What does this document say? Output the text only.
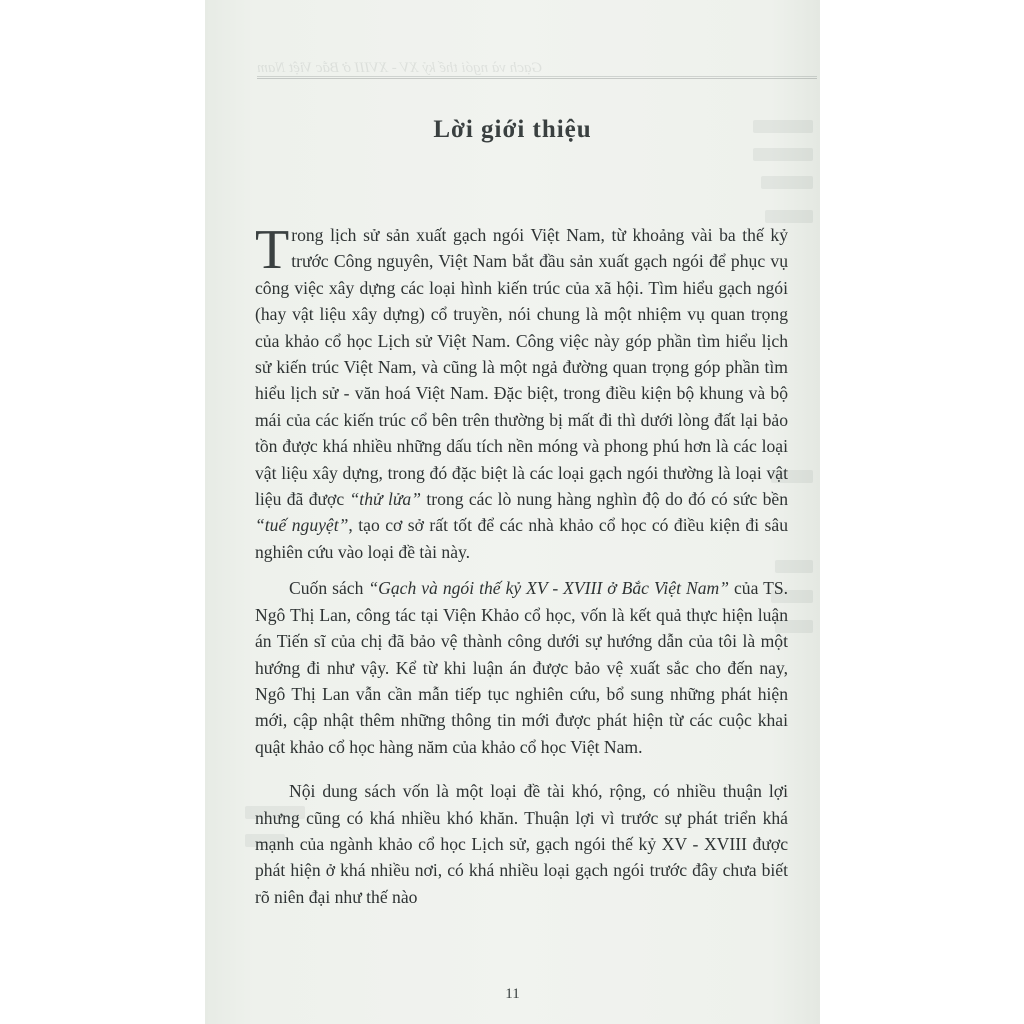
Gạch và ngói thế kỷ XV - XVIII ở Bắc Việt Nam
Lời giới thiệu

Trong lịch sử sản xuất gạch ngói Việt Nam, từ khoảng vài ba thế kỷ trước Công nguyên, Việt Nam bắt đầu sản xuất gạch ngói để phục vụ công việc xây dựng các loại hình kiến trúc của xã hội. Tìm hiểu gạch ngói (hay vật liệu xây dựng) cổ truyền, nói chung là một nhiệm vụ quan trọng của khảo cổ học Lịch sử Việt Nam. Công việc này góp phần tìm hiểu lịch sử kiến trúc Việt Nam, và cũng là một ngả đường quan trọng góp phần tìm hiểu lịch sử - văn hoá Việt Nam. Đặc biệt, trong điều kiện bộ khung và bộ mái của các kiến trúc cổ bên trên thường bị mất đi thì dưới lòng đất lại bảo tồn được khá nhiều những dấu tích nền móng và phong phú hơn là các loại vật liệu xây dựng, trong đó đặc biệt là các loại gạch ngói thường là loại vật liệu đã được “thử lửa” trong các lò nung hàng nghìn độ do đó có sức bền “tuế nguyệt”, tạo cơ sở rất tốt để các nhà khảo cổ học có điều kiện đi sâu nghiên cứu vào loại đề tài này.

Cuốn sách “Gạch và ngói thế kỷ XV - XVIII ở Bắc Việt Nam” của TS. Ngô Thị Lan, công tác tại Viện Khảo cổ học, vốn là kết quả thực hiện luận án Tiến sĩ của chị đã bảo vệ thành công dưới sự hướng dẫn của tôi là một hướng đi như vậy. Kể từ khi luận án được bảo vệ xuất sắc cho đến nay, Ngô Thị Lan vẫn cần mẫn tiếp tục nghiên cứu, bổ sung những phát hiện mới, cập nhật thêm những thông tin mới được phát hiện từ các cuộc khai quật khảo cổ học hàng năm của khảo cổ học Việt Nam.

Nội dung sách vốn là một loại đề tài khó, rộng, có nhiều thuận lợi nhưng cũng có khá nhiều khó khăn. Thuận lợi vì trước sự phát triển khá mạnh của ngành khảo cổ học Lịch sử, gạch ngói thế kỷ XV - XVIII được phát hiện ở khá nhiều nơi, có khá nhiều loại gạch ngói trước đây chưa biết rõ niên đại như thế nào

11
